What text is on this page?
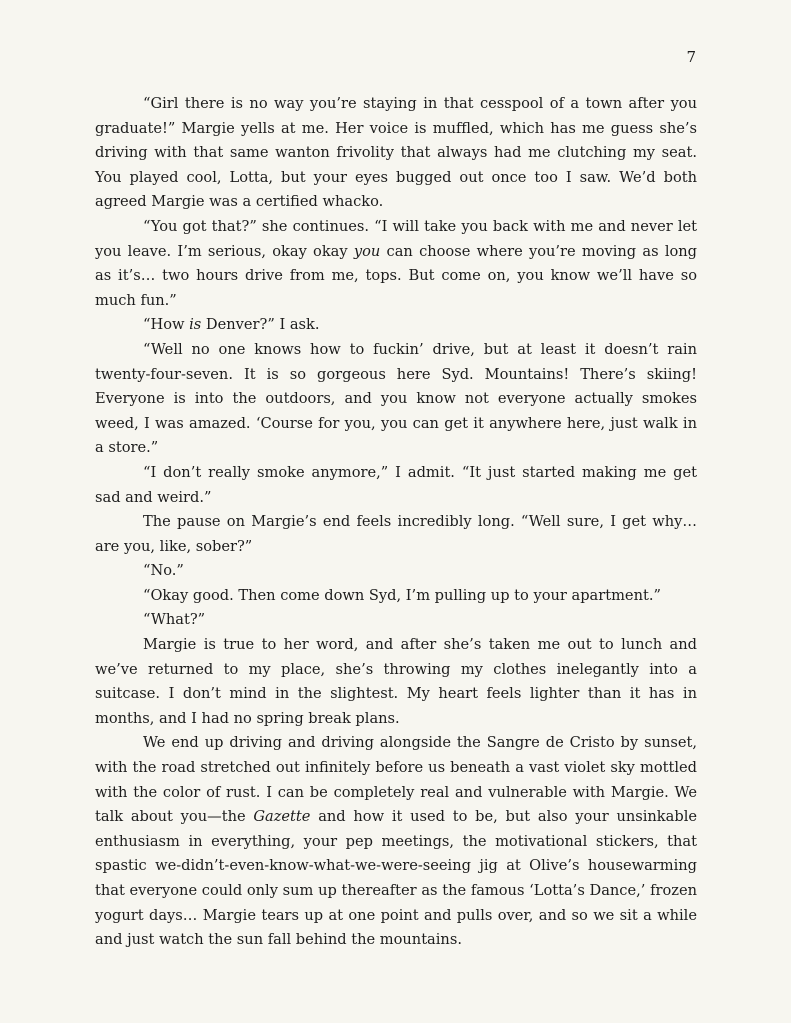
7

“Girl there is no way you’re staying in that cesspool of a town after you graduate!” Margie yells at me. Her voice is muffled, which has me guess she’s driving with that same wanton frivolity that always had me clutching my seat. You played cool, Lotta, but your eyes bugged out once too I saw. We’d both agreed Margie was a certified whacko.

“You got that?” she continues. “I will take you back with me and never let you leave. I’m serious, okay okay you can choose where you’re moving as long as it’s… two hours drive from me, tops. But come on, you know we’ll have so much fun.”

“How is Denver?” I ask.

“Well no one knows how to fuckin’ drive, but at least it doesn’t rain twenty-four-seven. It is so gorgeous here Syd. Mountains! There’s skiing! Everyone is into the outdoors, and you know not everyone actually smokes weed, I was amazed. ‘Course for you, you can get it anywhere here, just walk in a store.”

“I don’t really smoke anymore,” I admit. “It just started making me get sad and weird.”

The pause on Margie’s end feels incredibly long. “Well sure, I get why… are you, like, sober?”

“No.”

“Okay good. Then come down Syd, I’m pulling up to your apartment.”

“What?”

Margie is true to her word, and after she’s taken me out to lunch and we’ve returned to my place, she’s throwing my clothes inelegantly into a suitcase. I don’t mind in the slightest. My heart feels lighter than it has in months, and I had no spring break plans.

We end up driving and driving alongside the Sangre de Cristo by sunset, with the road stretched out infinitely before us beneath a vast violet sky mottled with the color of rust. I can be completely real and vulnerable with Margie. We talk about you—the Gazette and how it used to be, but also your unsinkable enthusiasm in everything, your pep meetings, the motivational stickers, that spastic we-didn’t-even-know-what-we-were-seeing jig at Olive’s housewarming that everyone could only sum up thereafter as the famous ‘Lotta’s Dance,’ frozen yogurt days… Margie tears up at one point and pulls over, and so we sit a while and just watch the sun fall behind the mountains.
